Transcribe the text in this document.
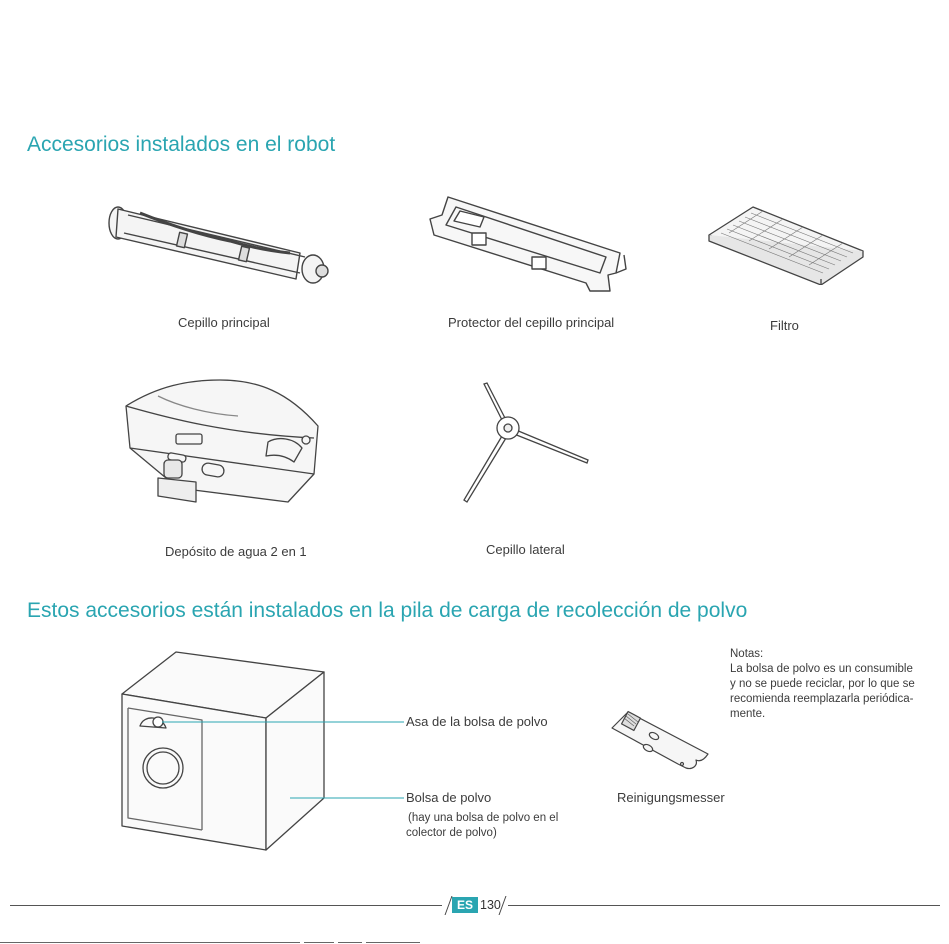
Accesorios instalados en el robot
Cepillo principal	Protector del cepillo principal	Filtro
Depósito de agua 2 en 1	Cepillo lateral
Estos accesorios están instalados en la pila de carga de recolección de polvo
Asa de la bolsa de polvo
Bolsa de polvo
(hay una bolsa de polvo en el
colector de polvo)
Reinigungsmesser
Notas:
La bolsa de polvo es un consumible
y no se puede reciclar, por lo que se
recomienda reemplazarla periódica-
mente.
ES 130
